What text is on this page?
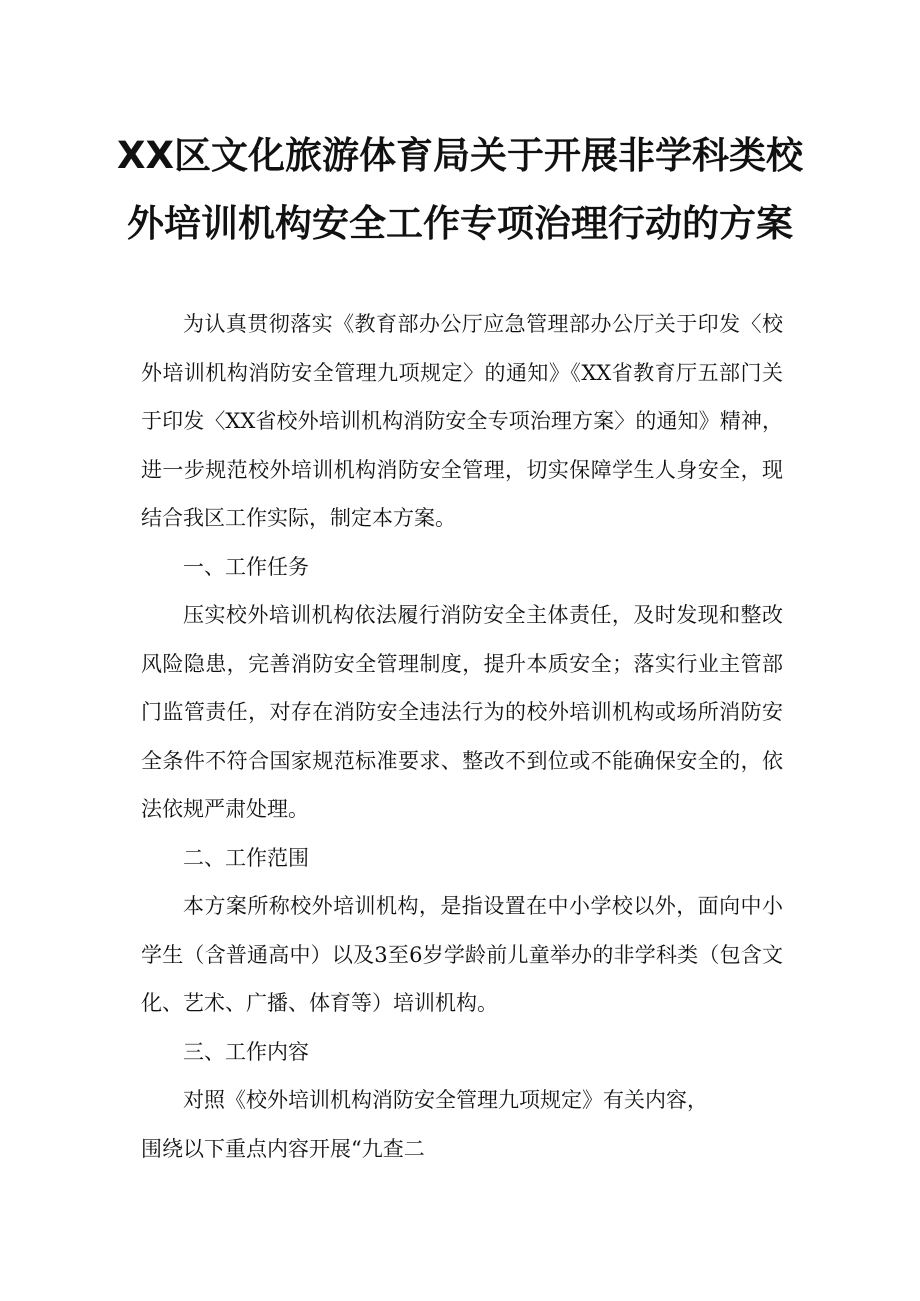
XX区文化旅游体育局关于开展非学科类校
外培训机构安全工作专项治理行动的方案

为认真贯彻落实《教育部办公厅应急管理部办公厅关于印发〈校外培训机构消防安全管理九项规定〉的通知》《XX省教育厅五部门关于印发〈XX省校外培训机构消防安全专项治理方案〉的通知》精神，进一步规范校外培训机构消防安全管理，切实保障学生人身安全，现结合我区工作实际，制定本方案。

一、工作任务

压实校外培训机构依法履行消防安全主体责任，及时发现和整改风险隐患，完善消防安全管理制度，提升本质安全；落实行业主管部门监管责任，对存在消防安全违法行为的校外培训机构或场所消防安全条件不符合国家规范标准要求、整改不到位或不能确保安全的，依法依规严肃处理。

二、工作范围

本方案所称校外培训机构，是指设置在中小学校以外，面向中小学生（含普通高中）以及3至6岁学龄前儿童举办的非学科类（包含文化、艺术、广播、体育等）培训机构。

三、工作内容

对照《校外培训机构消防安全管理九项规定》有关内容，

围绕以下重点内容开展“九查二
